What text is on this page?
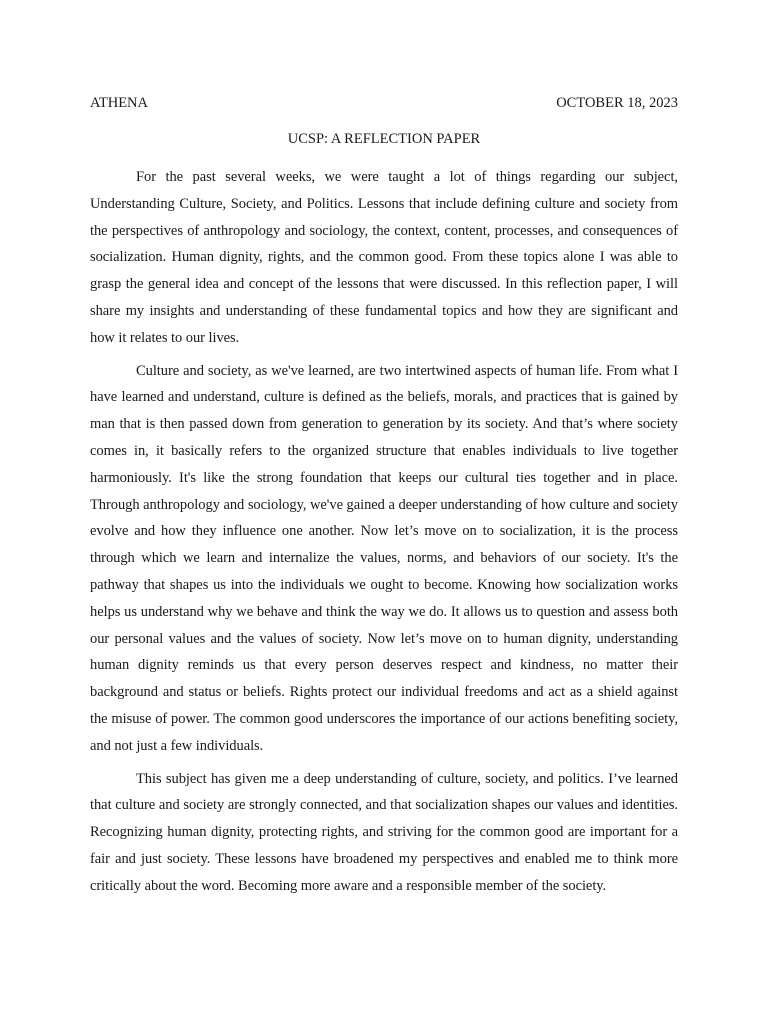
ATHENA	OCTOBER 18, 2023
UCSP: A REFLECTION PAPER

For the past several weeks, we were taught a lot of things regarding our subject, Understanding Culture, Society, and Politics. Lessons that include defining culture and society from the perspectives of anthropology and sociology, the context, content, processes, and consequences of socialization. Human dignity, rights, and the common good. From these topics alone I was able to grasp the general idea and concept of the lessons that were discussed. In this reflection paper, I will share my insights and understanding of these fundamental topics and how they are significant and how it relates to our lives.

Culture and society, as we've learned, are two intertwined aspects of human life. From what I have learned and understand, culture is defined as the beliefs, morals, and practices that is gained by man that is then passed down from generation to generation by its society. And that’s where society comes in, it basically refers to the organized structure that enables individuals to live together harmoniously. It's like the strong foundation that keeps our cultural ties together and in place. Through anthropology and sociology, we've gained a deeper understanding of how culture and society evolve and how they influence one another. Now let’s move on to socialization, it is the process through which we learn and internalize the values, norms, and behaviors of our society. It's the pathway that shapes us into the individuals we ought to become. Knowing how socialization works helps us understand why we behave and think the way we do. It allows us to question and assess both our personal values and the values of society. Now let’s move on to human dignity, understanding human dignity reminds us that every person deserves respect and kindness, no matter their background and status or beliefs. Rights protect our individual freedoms and act as a shield against the misuse of power. The common good underscores the importance of our actions benefiting society, and not just a few individuals.

This subject has given me a deep understanding of culture, society, and politics. I’ve learned that culture and society are strongly connected, and that socialization shapes our values and identities. Recognizing human dignity, protecting rights, and striving for the common good are important for a fair and just society. These lessons have broadened my perspectives and enabled me to think more critically about the word. Becoming more aware and a responsible member of the society.
